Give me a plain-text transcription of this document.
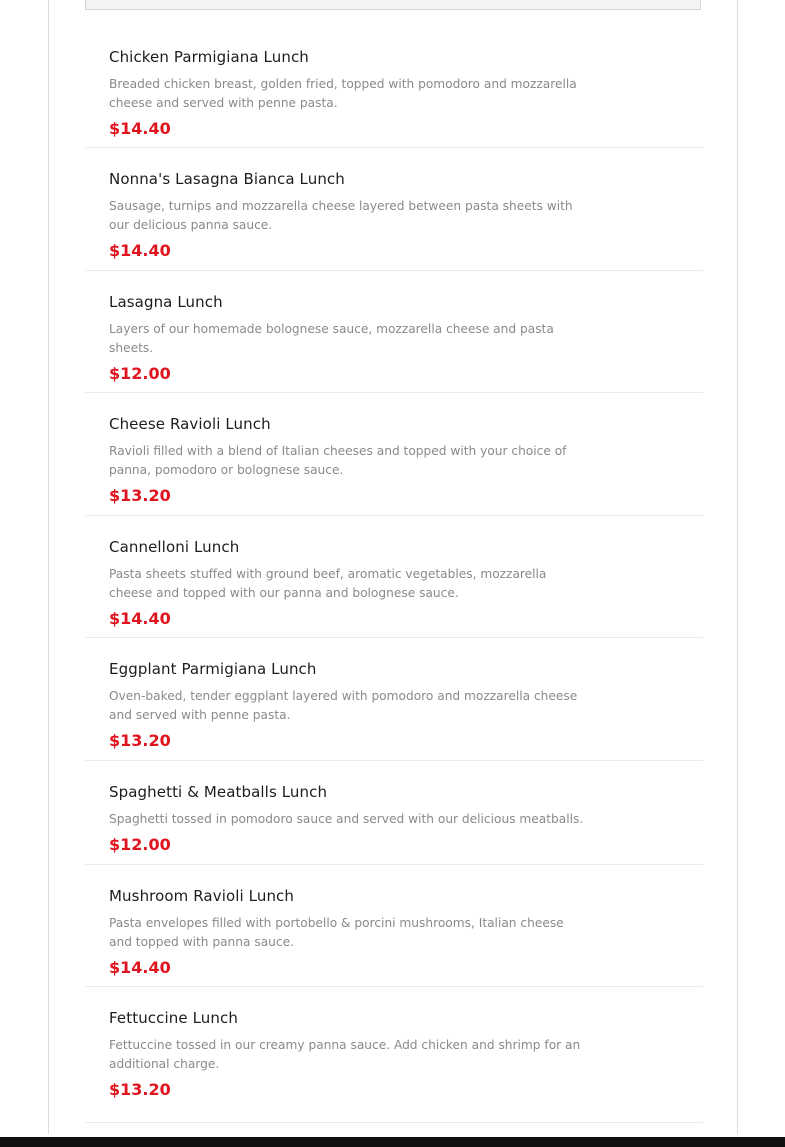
Chicken Parmigiana Lunch
Breaded chicken breast, golden fried, topped with pomodoro and mozzarella cheese and served with penne pasta.
$14.40
Nonna's Lasagna Bianca Lunch
Sausage, turnips and mozzarella cheese layered between pasta sheets with our delicious panna sauce.
$14.40
Lasagna Lunch
Layers of our homemade bolognese sauce, mozzarella cheese and pasta sheets.
$12.00
Cheese Ravioli Lunch
Ravioli filled with a blend of Italian cheeses and topped with your choice of panna, pomodoro or bolognese sauce.
$13.20
Cannelloni Lunch
Pasta sheets stuffed with ground beef, aromatic vegetables, mozzarella cheese and topped with our panna and bolognese sauce.
$14.40
Eggplant Parmigiana Lunch
Oven-baked, tender eggplant layered with pomodoro and mozzarella cheese and served with penne pasta.
$13.20
Spaghetti & Meatballs Lunch
Spaghetti tossed in pomodoro sauce and served with our delicious meatballs.
$12.00
Mushroom Ravioli Lunch
Pasta envelopes filled with portobello & porcini mushrooms, Italian cheese and topped with panna sauce.
$14.40
Fettuccine Lunch
Fettuccine tossed in our creamy panna sauce. Add chicken and shrimp for an additional charge.
$13.20
